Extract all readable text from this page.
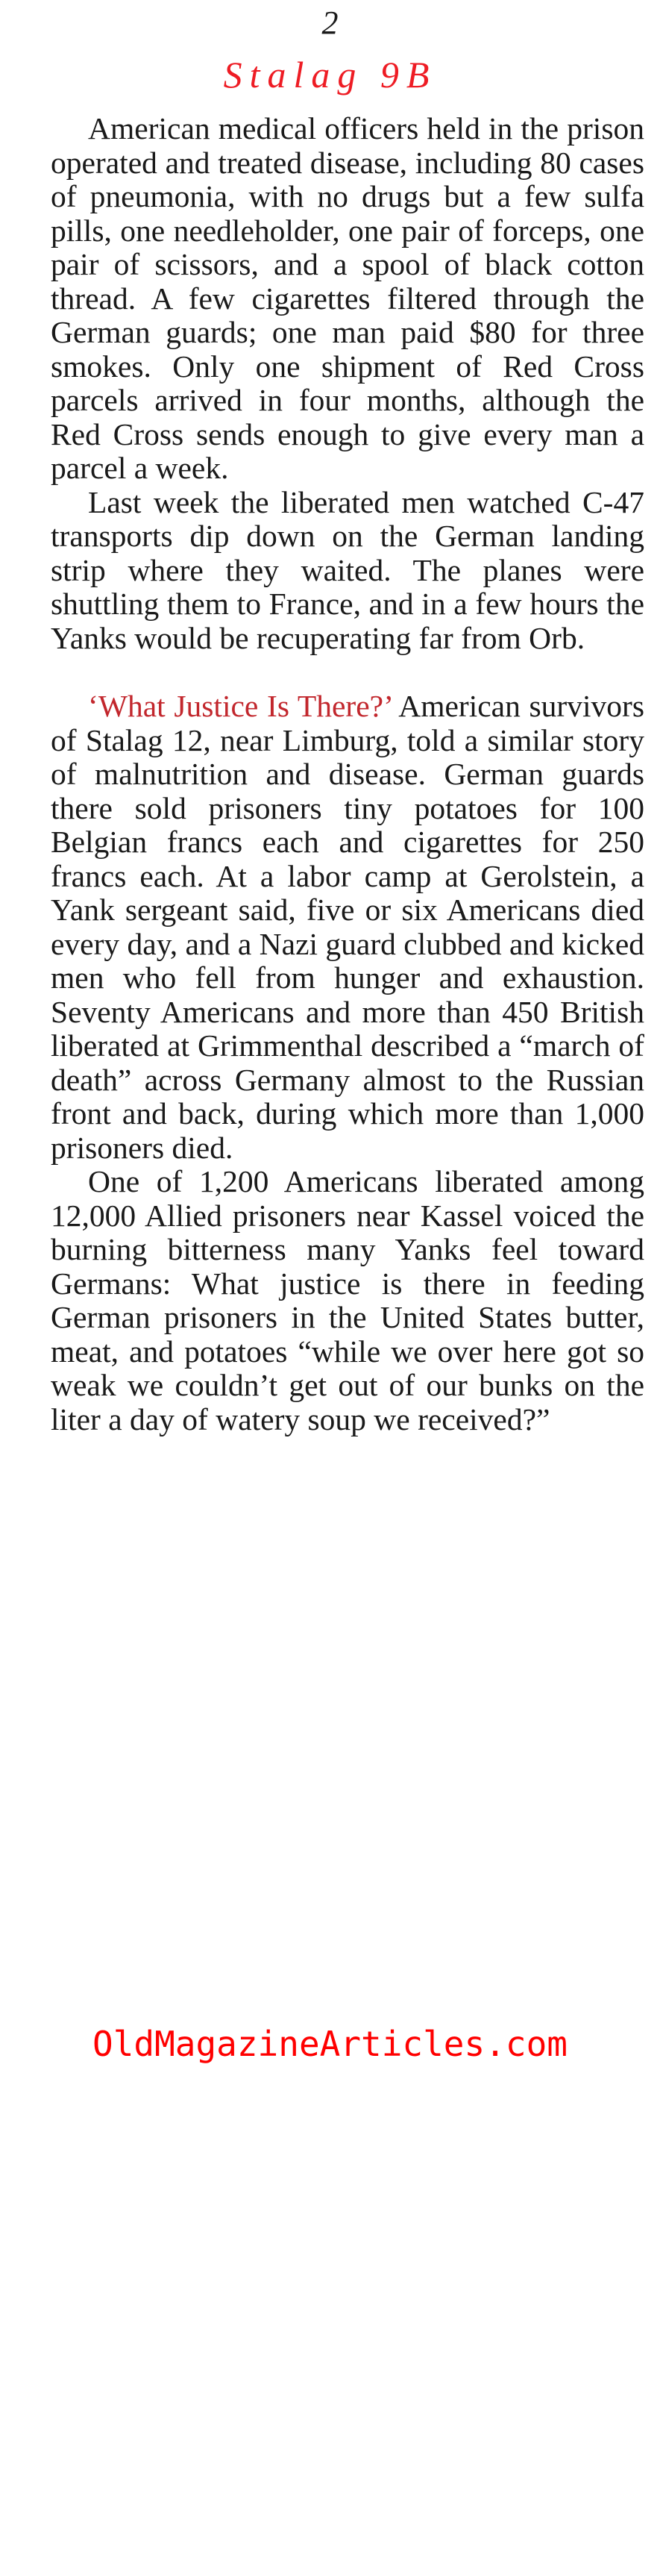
2
Stalag 9B

American medical officers held in the prison operated and treated disease, including 80 cases of pneumonia, with no drugs but a few sulfa pills, one needleholder, one pair of forceps, one pair of scissors, and a spool of black cotton thread. A few cigarettes filtered through the German guards; one man paid $80 for three smokes. Only one shipment of Red Cross parcels arrived in four months, although the Red Cross sends enough to give every man a parcel a week.

Last week the liberated men watched C-47 transports dip down on the German landing strip where they waited. The planes were shuttling them to France, and in a few hours the Yanks would be recuperating far from Orb.

‘What Justice Is There?’ American survivors of Stalag 12, near Limburg, told a similar story of malnutrition and disease. German guards there sold prisoners tiny potatoes for 100 Belgian francs each and cigarettes for 250 francs each. At a labor camp at Gerolstein, a Yank sergeant said, five or six Americans died every day, and a Nazi guard clubbed and kicked men who fell from hunger and exhaustion. Seventy Americans and more than 450 British liberated at Grimmenthal described a “march of death” across Germany almost to the Russian front and back, during which more than 1,000 prisoners died.

One of 1,200 Americans liberated among 12,000 Allied prisoners near Kassel voiced the burning bitterness many Yanks feel toward Germans: What justice is there in feeding German prisoners in the United States butter, meat, and potatoes “while we over here got so weak we couldn’t get out of our bunks on the liter a day of watery soup we received?”

OldMagazineArticles.com
